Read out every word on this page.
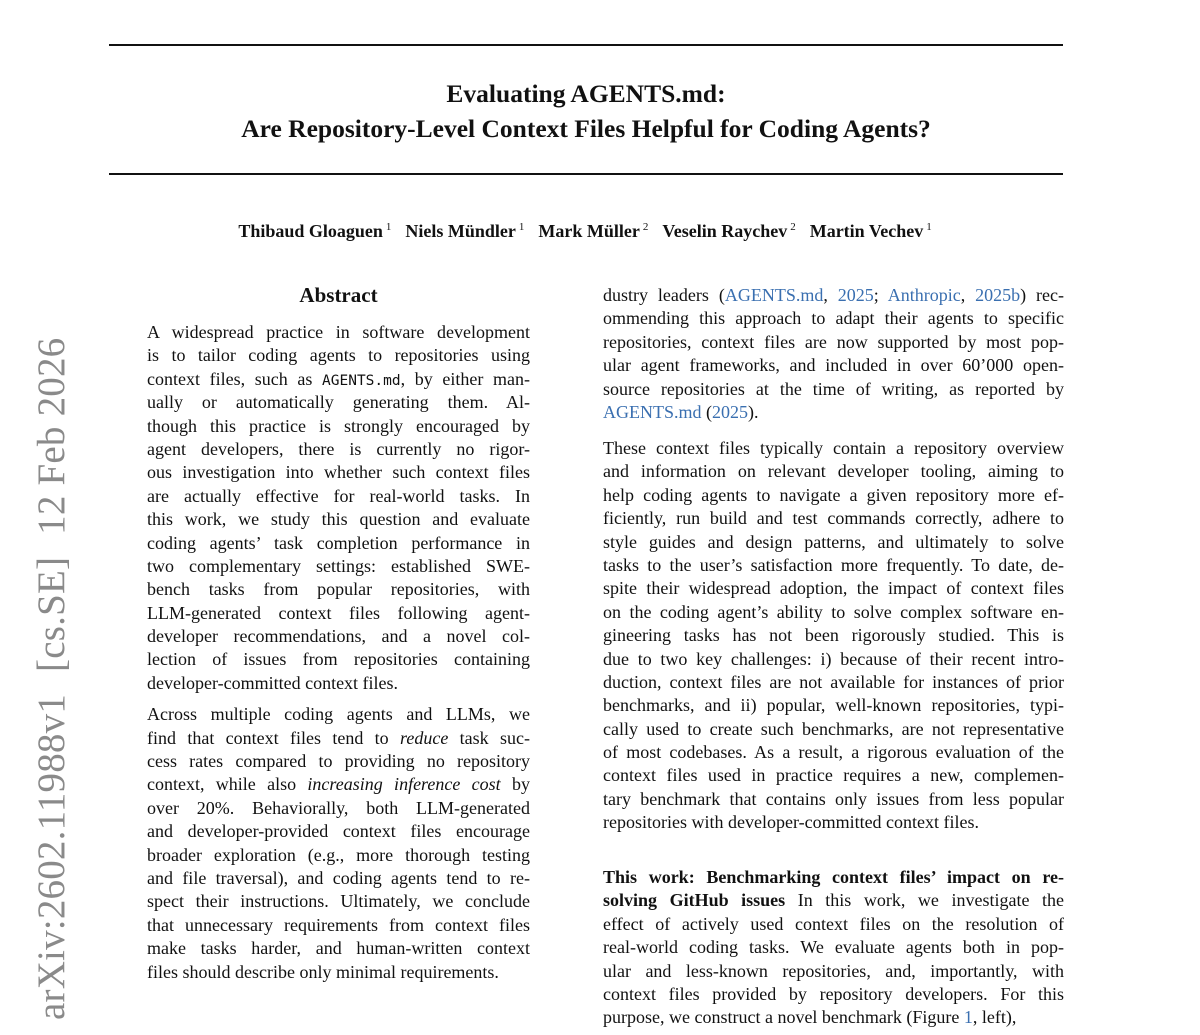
Evaluating AGENTS.md:
Are Repository-Level Context Files Helpful for Coding Agents?
Thibaud Gloaguen $^1$ Niels Mündler $^1$ Mark Müller $^2$ Veselin Raychev $^2$ Martin Vechev $^1$
arXiv:2602.11988v1[cs.SE]12 Feb 2026
Abstract
A widespread practice in software development
is to tailor coding agents to repositories using
context files, such as AGENTS.md, by either man-
ually or automatically generating them. Al-
though this practice is strongly encouraged by
agent developers, there is currently no rigor-
ous investigation into whether such context files
are actually effective for real-world tasks. In
this work, we study this question and evaluate
coding agents’ task completion performance in
two complementary settings: established SWE-
bench tasks from popular repositories, with
LLM-generated context files following agent-
developer recommendations, and a novel col-
lection of issues from repositories containing
developer-committed context files.
Across multiple coding agents and LLMs, we
find that context files tend to reduce task suc-
cess rates compared to providing no repository
context, while also increasing inference cost by
over 20%. Behaviorally, both LLM-generated
and developer-provided context files encourage
broader exploration (e.g., more thorough testing
and file traversal), and coding agents tend to re-
spect their instructions. Ultimately, we conclude
that unnecessary requirements from context files
make tasks harder, and human-written context
files should describe only minimal requirements.
dustry leaders (AGENTS.md, 2025; Anthropic, 2025b) rec-
ommending this approach to adapt their agents to specific
repositories, context files are now supported by most pop-
ular agent frameworks, and included in over 60’000 open-
source repositories at the time of writing, as reported by
AGENTS.md (2025).
These context files typically contain a repository overview
and information on relevant developer tooling, aiming to
help coding agents to navigate a given repository more ef-
ficiently, run build and test commands correctly, adhere to
style guides and design patterns, and ultimately to solve
tasks to the user’s satisfaction more frequently. To date, de-
spite their widespread adoption, the impact of context files
on the coding agent’s ability to solve complex software en-
gineering tasks has not been rigorously studied. This is
due to two key challenges: i) because of their recent intro-
duction, context files are not available for instances of prior
benchmarks, and ii) popular, well-known repositories, typi-
cally used to create such benchmarks, are not representative
of most codebases. As a result, a rigorous evaluation of the
context files used in practice requires a new, complemen-
tary benchmark that contains only issues from less popular
repositories with developer-committed context files.
This work: Benchmarking context files’ impact on re-
solving GitHub issues In this work, we investigate the
effect of actively used context files on the resolution of
real-world coding tasks. We evaluate agents both in pop-
ular and less-known repositories, and, importantly, with
context files provided by repository developers. For this
purpose, we construct a novel benchmark (Figure 1, left),
